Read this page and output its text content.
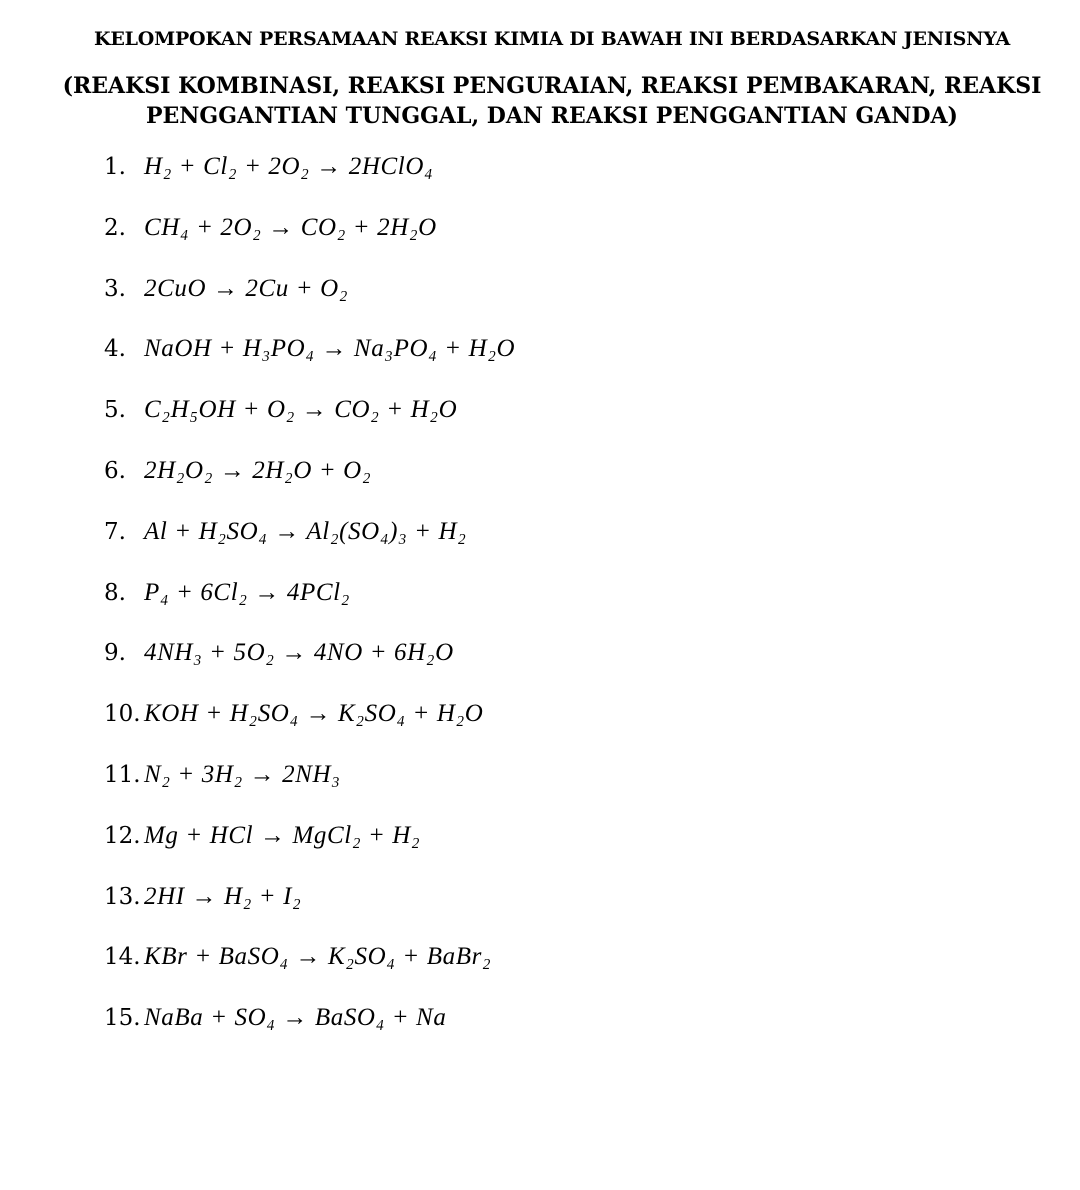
KELOMPOKAN PERSAMAAN REAKSI KIMIA DI BAWAH INI BERDASARKAN JENISNYA
(REAKSI KOMBINASI, REAKSI PENGURAIAN, REAKSI PEMBAKARAN, REAKSI
PENGGANTIAN TUNGGAL, DAN REAKSI PENGGANTIAN GANDA)
1. H₂ + Cl₂ + 2O₂ → 2HClO₄
2. CH₄ + 2O₂ → CO₂ + 2H₂O
3. 2CuO → 2Cu + O₂
4. NaOH + H₃PO₄ → Na₃PO₄ + H₂O
5. C₂H₅OH + O₂ → CO₂ + H₂O
6. 2H₂O₂ → 2H₂O + O₂
7. Al + H₂SO₄ → Al₂(SO₄)₃ + H₂
8. P₄ + 6Cl₂ → 4PCl₂
9. 4NH₃ + 5O₂ → 4NO + 6H₂O
10. KOH + H₂SO₄ → K₂SO₄ + H₂O
11. N₂ + 3H₂ → 2NH₃
12. Mg + HCl → MgCl₂ + H₂
13. 2HI → H₂ + I₂
14. KBr + BaSO₄ → K₂SO₄ + BaBr₂
15. NaBa + SO₄ → BaSO₄ + Na
